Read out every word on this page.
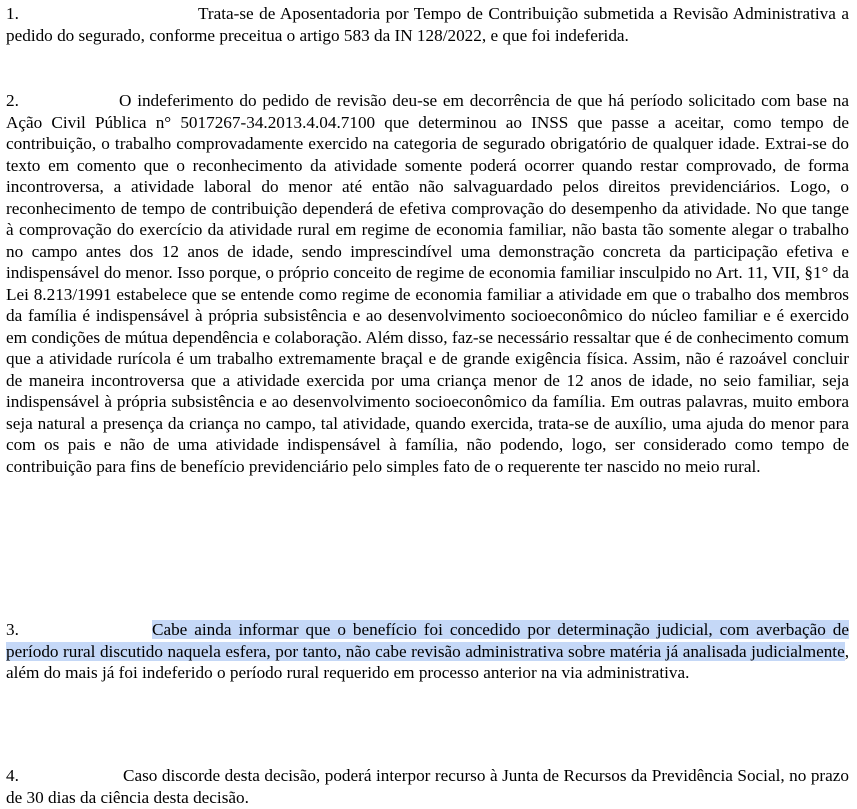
1.	Trata-se de Aposentadoria por Tempo de Contribuição submetida a Revisão Administrativa a pedido do segurado, conforme preceitua o artigo 583 da IN 128/2022, e que foi indeferida.
2.	O indeferimento do pedido de revisão deu-se em decorrência de que há período solicitado com base na Ação Civil Pública n° 5017267-34.2013.4.04.7100 que determinou ao INSS que passe a aceitar, como tempo de contribuição, o trabalho comprovadamente exercido na categoria de segurado obrigatório de qualquer idade. Extrai-se do texto em comento que o reconhecimento da atividade somente poderá ocorrer quando restar comprovado, de forma incontroversa, a atividade laboral do menor até então não salvaguardado pelos direitos previdenciários. Logo, o reconhecimento de tempo de contribuição dependerá de efetiva comprovação do desempenho da atividade. No que tange à comprovação do exercício da atividade rural em regime de economia familiar, não basta tão somente alegar o trabalho no campo antes dos 12 anos de idade, sendo imprescindível uma demonstração concreta da participação efetiva e indispensável do menor. Isso porque, o próprio conceito de regime de economia familiar insculpido no Art. 11, VII, §1° da Lei 8.213/1991 estabelece que se entende como regime de economia familiar a atividade em que o trabalho dos membros da família é indispensável à própria subsistência e ao desenvolvimento socioeconômico do núcleo familiar e é exercido em condições de mútua dependência e colaboração. Além disso, faz-se necessário ressaltar que é de conhecimento comum que a atividade rurícola é um trabalho extremamente braçal e de grande exigência física. Assim, não é razoável concluir de maneira incontroversa que a atividade exercida por uma criança menor de 12 anos de idade, no seio familiar, seja indispensável à própria subsistência e ao desenvolvimento socioeconômico da família. Em outras palavras, muito embora seja natural a presença da criança no campo, tal atividade, quando exercida, trata-se de auxílio, uma ajuda do menor para com os pais e não de uma atividade indispensável à família, não podendo, logo, ser considerado como tempo de contribuição para fins de benefício previdenciário pelo simples fato de o requerente ter nascido no meio rural.
3.	Cabe ainda informar que o benefício foi concedido por determinação judicial, com averbação de período rural discutido naquela esfera, por tanto, não cabe revisão administrativa sobre matéria já analisada judicialmente, além do mais já foi indeferido o período rural requerido em processo anterior na via administrativa.
4.	Caso discorde desta decisão, poderá interpor recurso à Junta de Recursos da Previdência Social, no prazo de 30 dias da ciência desta decisão.
